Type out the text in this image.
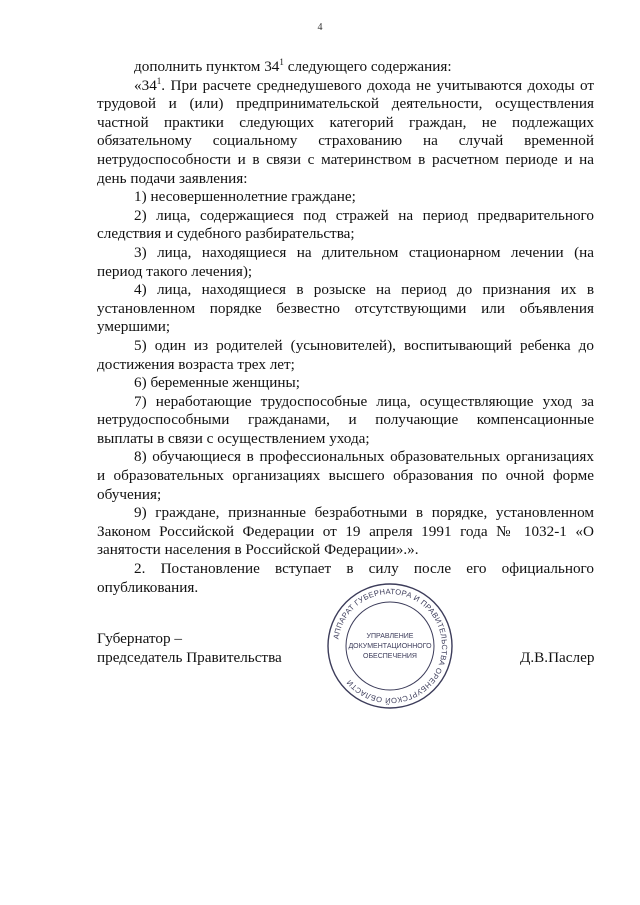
4

дополнить пунктом $34^1$ следующего содержания:

«$34^1$. При расчете среднедушевого дохода не учитываются доходы от трудовой и (или) предпринимательской деятельности, осуществления частной практики следующих категорий граждан, не подлежащих обязательному социальному страхованию на случай временной нетрудоспособности и в связи с материнством в расчетном периоде и на день подачи заявления:

1) несовершеннолетние граждане;

2) лица, содержащиеся под стражей на период предварительного следствия и судебного разбирательства;

3) лица, находящиеся на длительном стационарном лечении (на период такого лечения);

4) лица, находящиеся в розыске на период до признания их в установленном порядке безвестно отсутствующими или объявления умершими;

5) один из родителей (усыновителей), воспитывающий ребенка до достижения возраста трех лет;

6) беременные женщины;

7) неработающие трудоспособные лица, осуществляющие уход за нетрудоспособными гражданами, и получающие компенсационные выплаты в связи с осуществлением ухода;

8) обучающиеся в профессиональных образовательных организациях и образовательных организациях высшего образования по очной форме обучения;

9) граждане, признанные безработными в порядке, установленном Законом Российской Федерации от 19 апреля 1991 года № 1032-1 «О занятости населения в Российской Федерации».».

2. Постановление вступает в силу после его официального опубликования.

Губернатор –
председатель Правительства
АППАРАТ ГУБЕРНАТОРА И ПРАВИТЕЛЬСТВА ОРЕНБУРГСКОЙ ОБЛАСТИ
УПРАВЛЕНИЕ
ДОКУМЕНТАЦИОННОГО
ОБЕСПЕЧЕНИЯ	Д.В.Паслер
